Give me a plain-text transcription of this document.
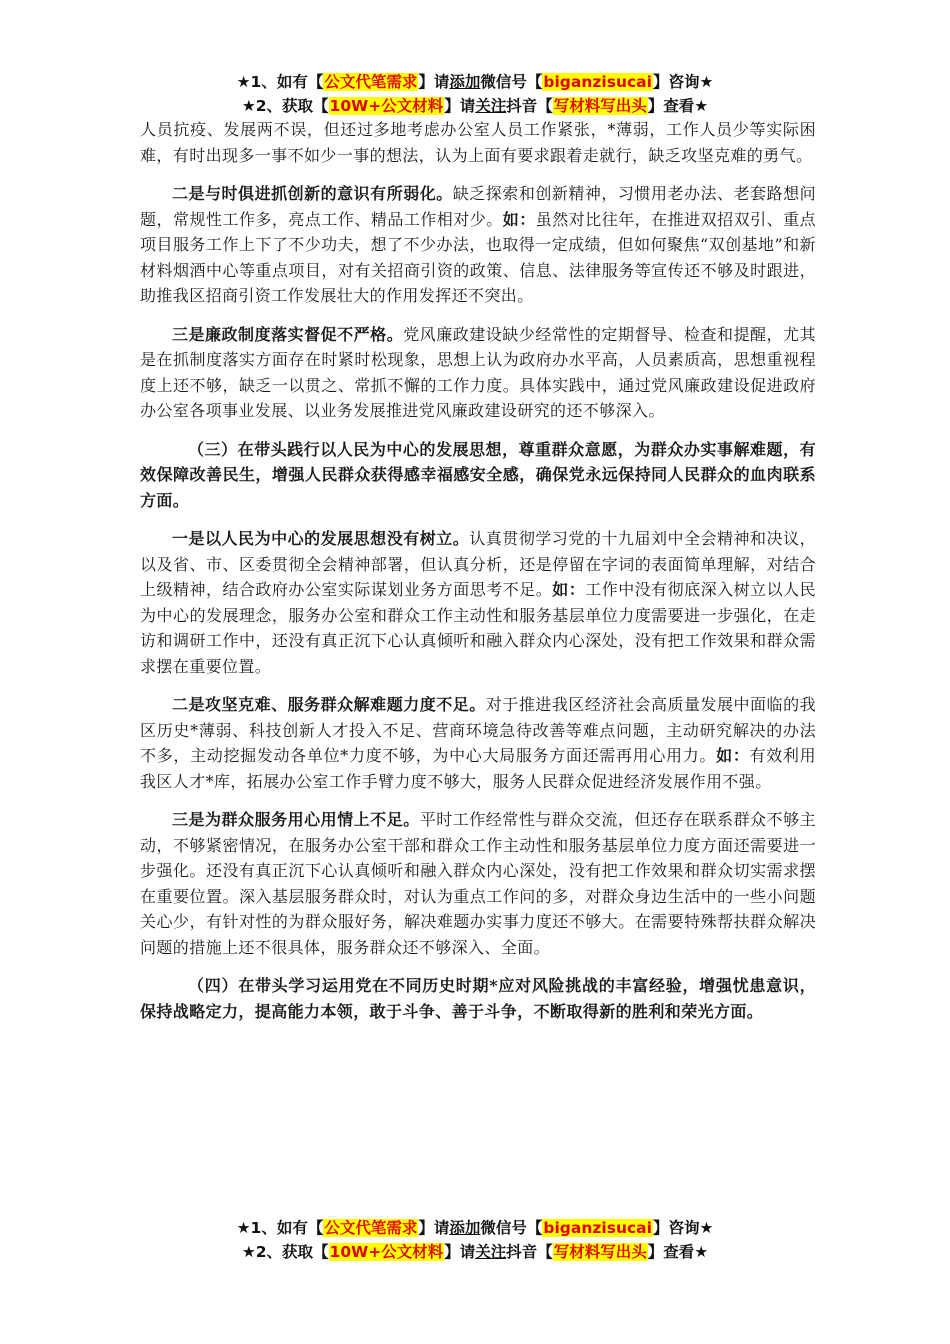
★1、如有【公文代笔需求】请添加微信号【biganzisucai】咨询★
★2、获取【10W+公文材料】请关注抖音【写材料写出头】查看★

人员抗疫、发展两不误，但还过多地考虑办公室人员工作紧张，*薄弱，工作人员少等实际困难，有时出现多一事不如少一事的想法，认为上面有要求跟着走就行，缺乏攻坚克难的勇气。

二是与时俱进抓创新的意识有所弱化。缺乏探索和创新精神，习惯用老办法、老套路想问题，常规性工作多，亮点工作、精品工作相对少。如：虽然对比往年，在推进双招双引、重点项目服务工作上下了不少功夫，想了不少办法，也取得一定成绩，但如何聚焦“双创基地”和新材料烟酒中心等重点项目，对有关招商引资的政策、信息、法律服务等宣传还不够及时跟进，助推我区招商引资工作发展壮大的作用发挥还不突出。

三是廉政制度落实督促不严格。党风廉政建设缺少经常性的定期督导、检查和提醒，尤其是在抓制度落实方面存在时紧时松现象，思想上认为政府办水平高，人员素质高，思想重视程度上还不够，缺乏一以贯之、常抓不懈的工作力度。具体实践中，通过党风廉政建设促进政府办公室各项事业发展、以业务发展推进党风廉政建设研究的还不够深入。

（三）在带头践行以人民为中心的发展思想，尊重群众意愿，为群众办实事解难题，有效保障改善民生，增强人民群众获得感幸福感安全感，确保党永远保持同人民群众的血肉联系方面。

一是以人民为中心的发展思想没有树立。认真贯彻学习党的十九届刘中全会精神和决议，以及省、市、区委贯彻全会精神部署，但认真分析，还是停留在字词的表面简单理解，对结合上级精神，结合政府办公室实际谋划业务方面思考不足。如：工作中没有彻底深入树立以人民为中心的发展理念，服务办公室和群众工作主动性和服务基层单位力度需要进一步强化，在走访和调研工作中，还没有真正沉下心认真倾听和融入群众内心深处，没有把工作效果和群众需求摆在重要位置。

二是攻坚克难、服务群众解难题力度不足。对于推进我区经济社会高质量发展中面临的我区历史*薄弱、科技创新人才投入不足、营商环境急待改善等难点问题，主动研究解决的办法不多，主动挖掘发动各单位*力度不够，为中心大局服务方面还需再用心用力。如：有效利用我区人才*库，拓展办公室工作手臂力度不够大，服务人民群众促进经济发展作用不强。

三是为群众服务用心用情上不足。平时工作经常性与群众交流，但还存在联系群众不够主动，不够紧密情况，在服务办公室干部和群众工作主动性和服务基层单位力度方面还需要进一步强化。还没有真正沉下心认真倾听和融入群众内心深处，没有把工作效果和群众切实需求摆在重要位置。深入基层服务群众时，对认为重点工作问的多，对群众身边生活中的一些小问题关心少，有针对性的为群众服好务，解决难题办实事力度还不够大。在需要特殊帮扶群众解决问题的措施上还不很具体，服务群众还不够深入、全面。

（四）在带头学习运用党在不同历史时期*应对风险挑战的丰富经验，增强忧患意识，保持战略定力，提高能力本领，敢于斗争、善于斗争，不断取得新的胜利和荣光方面。

★1、如有【公文代笔需求】请添加微信号【biganzisucai】咨询★
★2、获取【10W+公文材料】请关注抖音【写材料写出头】查看★
